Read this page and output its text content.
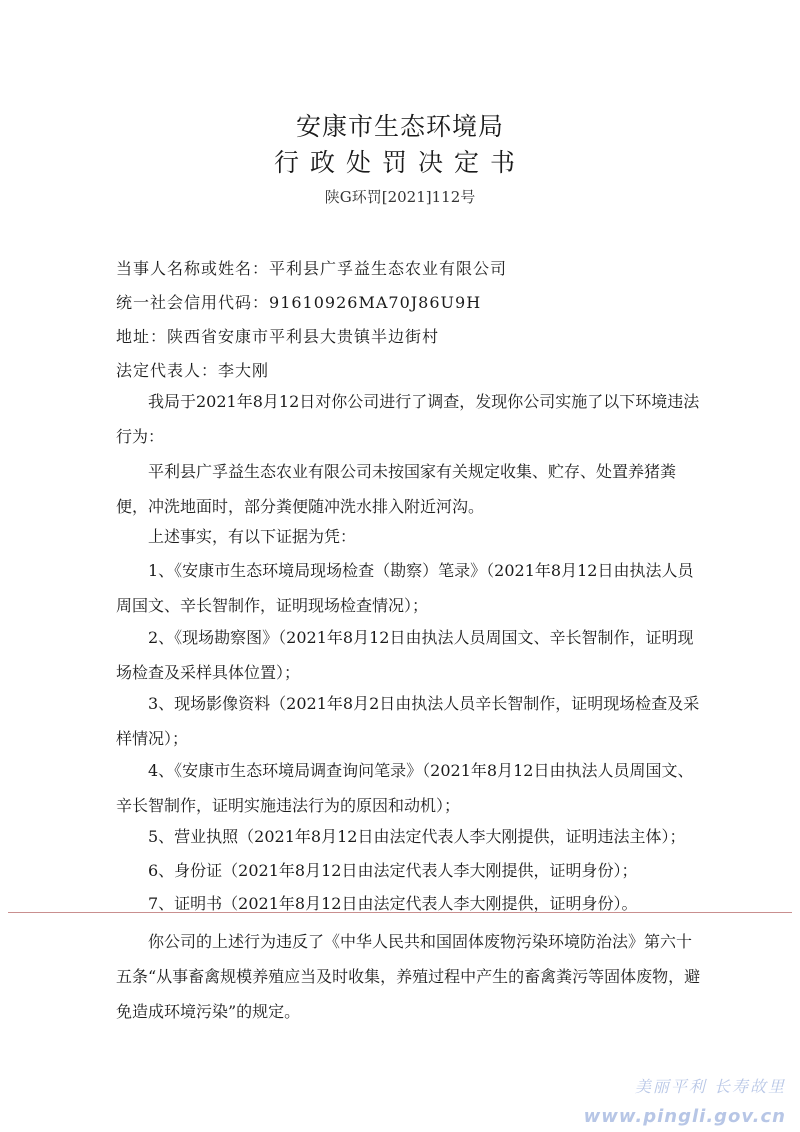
安康市生态环境局
行政处罚决定书
陕G环罚[2021]112号
当事人名称或姓名：平利县广孚益生态农业有限公司
统一社会信用代码：91610926MA70J86U9H
地址：陕西省安康市平利县大贵镇半边街村
法定代表人：李大刚
我局于2021年8月12日对你公司进行了调查，发现你公司实施了以下环境违法行为：
平利县广孚益生态农业有限公司未按国家有关规定收集、贮存、处置养猪粪便，冲洗地面时，部分粪便随冲洗水排入附近河沟。
上述事实，有以下证据为凭：
1、《安康市生态环境局现场检查（勘察）笔录》（2021年8月12日由执法人员周国文、辛长智制作，证明现场检查情况）；
2、《现场勘察图》（2021年8月12日由执法人员周国文、辛长智制作，证明现场检查及采样具体位置）；
3、现场影像资料（2021年8月2日由执法人员辛长智制作，证明现场检查及采样情况）；
4、《安康市生态环境局调查询问笔录》（2021年8月12日由执法人员周国文、辛长智制作，证明实施违法行为的原因和动机）；
5、营业执照（2021年8月12日由法定代表人李大刚提供，证明违法主体）；
6、身份证（2021年8月12日由法定代表人李大刚提供，证明身份）；
7、证明书（2021年8月12日由法定代表人李大刚提供，证明身份）。
你公司的上述行为违反了《中华人民共和国固体废物污染环境防治法》第六十五条“从事畜禽规模养殖应当及时收集，养殖过程中产生的畜禽粪污等固体废物，避免造成环境污染”的规定。
美丽平利 长寿故里
www.pingli.gov.cn
